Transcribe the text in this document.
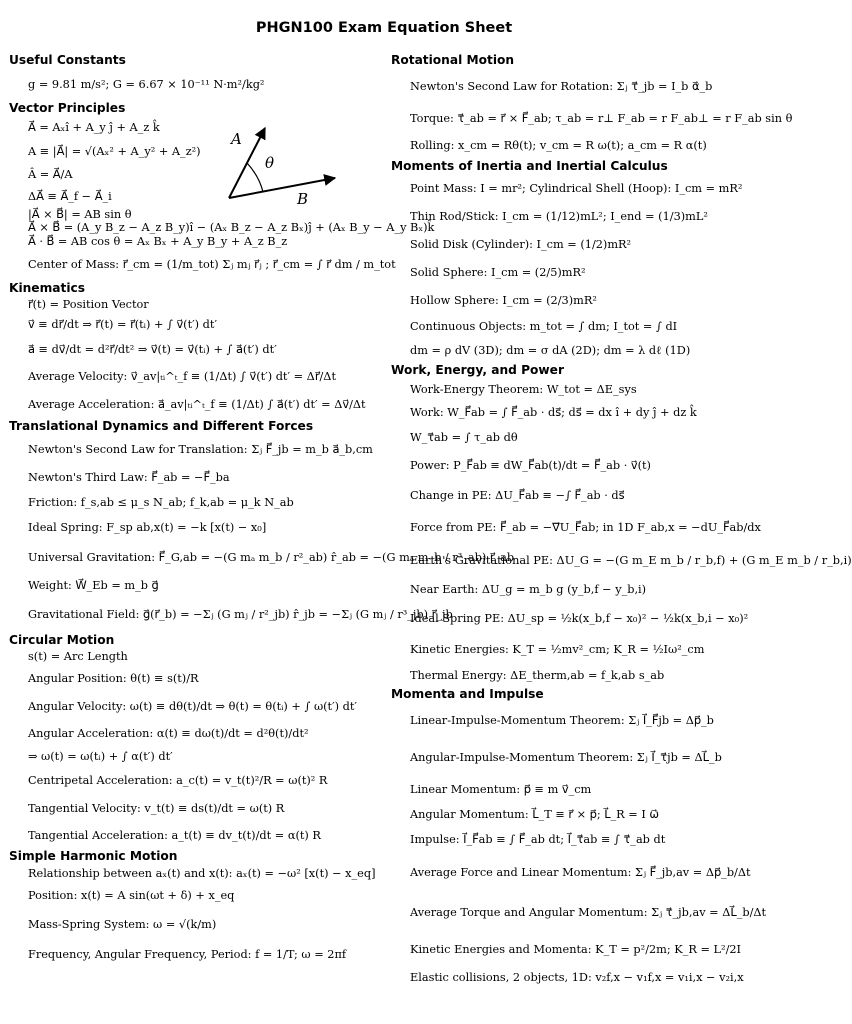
PHGN100 Exam Equation Sheet
Useful Constants
g = 9.81 m/s²; G = 6.67 × 10⁻¹¹ N·m²/kg²
Vector Principles
A⃗ = Aₓî + A_y ĵ + A_z k̂
A ≡ |A⃗| = √(Aₓ² + A_y² + A_z²)
Â = A⃗/A
ΔA⃗ ≡ A⃗_f − A⃗_i
|A⃗ × B⃗| = AB sin θ
A⃗ × B⃗ = (A_y B_z − A_z B_y)î − (Aₓ B_z − A_z Bₓ)ĵ + (Aₓ B_y − A_y Bₓ)k̂
A⃗ · B⃗ = AB cos θ = Aₓ Bₓ + A_y B_y + A_z B_z
Center of Mass: r⃗_cm = (1/m_tot) Σⱼ mⱼ r⃗ⱼ ; r⃗_cm = ∫ r⃗ dm / m_tot
A
θ
B
Kinematics
r⃗(t) = Position Vector
v⃗ ≡ dr⃗/dt ⇒ r⃗(t) = r⃗(tᵢ) + ∫ v⃗(t′) dt′
a⃗ ≡ dv⃗/dt = d²r⃗/dt² ⇒ v⃗(t) = v⃗(tᵢ) + ∫ a⃗(t′) dt′
Average Velocity: v⃗_av|ₜᵢ^ₜ_f ≡ (1/Δt) ∫ v⃗(t′) dt′ = Δr⃗/Δt
Average Acceleration: a⃗_av|ₜᵢ^ₜ_f ≡ (1/Δt) ∫ a⃗(t′) dt′ = Δv⃗/Δt
Translational Dynamics and Different Forces
Newton's Second Law for Translation: Σⱼ F⃗_jb = m_b a⃗_b,cm
Newton's Third Law: F⃗_ab = −F⃗_ba
Friction: f_s,ab ≤ μ_s N_ab; f_k,ab = μ_k N_ab
Ideal Spring: F_sp ab,x(t) = −k [x(t) − x₀]
Universal Gravitation: F⃗_G,ab = −(G mₐ m_b / r²_ab) r̂_ab = −(G mₐ m_b / r³_ab) r⃗_ab
Weight: W⃗_Eb = m_b g⃗
Gravitational Field: g⃗(r⃗_b) = −Σⱼ (G mⱼ / r²_jb) r̂_jb = −Σⱼ (G mⱼ / r³_jb) r⃗_jb
Circular Motion
s(t) = Arc Length
Angular Position: θ(t) ≡ s(t)/R
Angular Velocity: ω(t) ≡ dθ(t)/dt ⇒ θ(t) = θ(tᵢ) + ∫ ω(t′) dt′
Angular Acceleration: α(t) ≡ dω(t)/dt = d²θ(t)/dt²
⇒ ω(t) = ω(tᵢ) + ∫ α(t′) dt′
Centripetal Acceleration: a_c(t) = v_t(t)²/R = ω(t)² R
Tangential Velocity: v_t(t) ≡ ds(t)/dt = ω(t) R
Tangential Acceleration: a_t(t) ≡ dv_t(t)/dt = α(t) R
Simple Harmonic Motion
Relationship between aₓ(t) and x(t): aₓ(t) = −ω² [x(t) − x_eq]
Position: x(t) = A sin(ωt + δ) + x_eq
Mass-Spring System: ω = √(k/m)
Frequency, Angular Frequency, Period: f = 1/T; ω = 2πf
Rotational Motion
Newton's Second Law for Rotation: Σⱼ τ⃗_jb = I_b α⃗_b
Torque: τ⃗_ab = r⃗ × F⃗_ab; τ_ab = r⊥ F_ab = r F_ab⊥ = r F_ab sin θ
Rolling: x_cm = Rθ(t); v_cm = R ω(t); a_cm = R α(t)
Moments of Inertia and Inertial Calculus
Point Mass: I = mr²; Cylindrical Shell (Hoop): I_cm = mR²
Thin Rod/Stick: I_cm = (1/12)mL²; I_end = (1/3)mL²
Solid Disk (Cylinder): I_cm = (1/2)mR²
Solid Sphere: I_cm = (2/5)mR²
Hollow Sphere: I_cm = (2/3)mR²
Continuous Objects: m_tot = ∫ dm; I_tot = ∫ dI
dm = ρ dV (3D); dm = σ dA (2D); dm = λ dℓ (1D)
Work, Energy, and Power
Work-Energy Theorem: W_tot = ΔE_sys
Work: W_F⃗ab = ∫ F⃗_ab · ds⃗; ds⃗ = dx î + dy ĵ + dz k̂
W_τ⃗ab = ∫ τ_ab dθ
Power: P_F⃗ab ≡ dW_F⃗ab(t)/dt = F⃗_ab · v⃗(t)
Change in PE: ΔU_F⃗ab ≡ −∫ F⃗_ab · ds⃗
Force from PE: F⃗_ab = −∇⃗U_F⃗ab; in 1D F_ab,x = −dU_F⃗ab/dx
Earth's Gravitational PE: ΔU_G = −(G m_E m_b / r_b,f) + (G m_E m_b / r_b,i)
Near Earth: ΔU_g = m_b g (y_b,f − y_b,i)
Ideal Spring PE: ΔU_sp = ½k(x_b,f − x₀)² − ½k(x_b,i − x₀)²
Kinetic Energies: K_T = ½mv²_cm; K_R = ½Iω²_cm
Thermal Energy: ΔE_therm,ab = f_k,ab s_ab
Momenta and Impulse
Linear-Impulse-Momentum Theorem: Σⱼ I⃗_F⃗jb = Δp⃗_b
Angular-Impulse-Momentum Theorem: Σⱼ I⃗_τ⃗jb = ΔL⃗_b
Linear Momentum: p⃗ ≡ m v⃗_cm
Angular Momentum: L⃗_T ≡ r⃗ × p⃗; L⃗_R = I ω⃗
Impulse: I⃗_F⃗ab ≡ ∫ F⃗_ab dt; I⃗_τ⃗ab ≡ ∫ τ⃗_ab dt
Average Force and Linear Momentum: Σⱼ F⃗_jb,av = Δp⃗_b/Δt
Average Torque and Angular Momentum: Σⱼ τ⃗_jb,av = ΔL⃗_b/Δt
Kinetic Energies and Momenta: K_T = p²/2m; K_R = L²/2I
Elastic collisions, 2 objects, 1D: v₂f,x − v₁f,x = v₁i,x − v₂i,x
